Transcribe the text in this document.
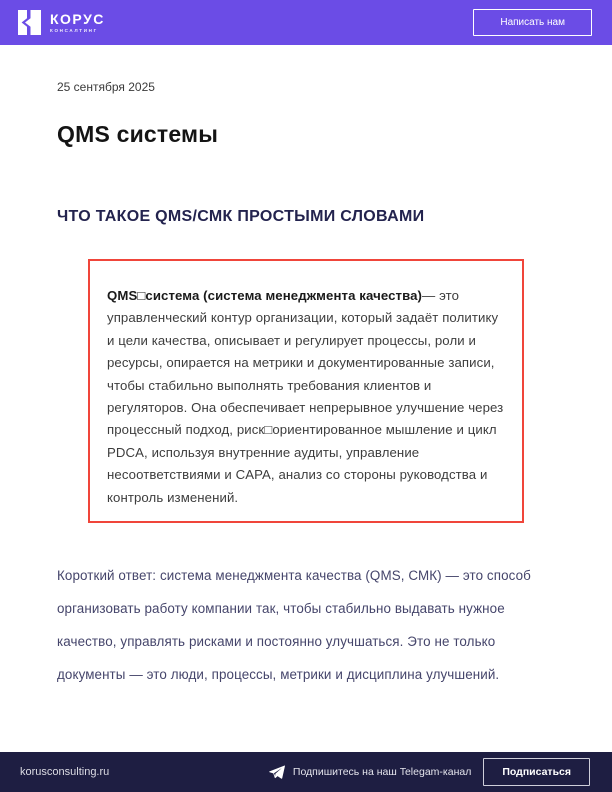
КОРУС
КОНСАЛТИНГ
Написать нам
25 сентября 2025
QMS системы
ЧТО ТАКОЕ QMS/СМК ПРОСТЫМИ СЛОВАМИ

QMS□система (система менеджмента качества)— это управленческий контур организации, который задаёт политику и цели качества, описывает и регулирует процессы, роли и ресурсы, опирается на метрики и документированные записи, чтобы стабильно выполнять требования клиентов и регуляторов. Она обеспечивает непрерывное улучшение через процессный подход, риск□ориентированное мышление и цикл PDCA, используя внутренние аудиты, управление несоответствиями и CAPA, анализ со стороны руководства и контроль изменений.

Короткий ответ: система менеджмента качества (QMS, СМК) — это способ организовать работу компании так, чтобы стабильно выдавать нужное качество, управлять рисками и постоянно улучшаться. Это не только документы — это люди, процессы, метрики и дисциплина улучшений.

korusconsulting.ru	Подпишитесь на наш Telegam-канал	Подписаться
